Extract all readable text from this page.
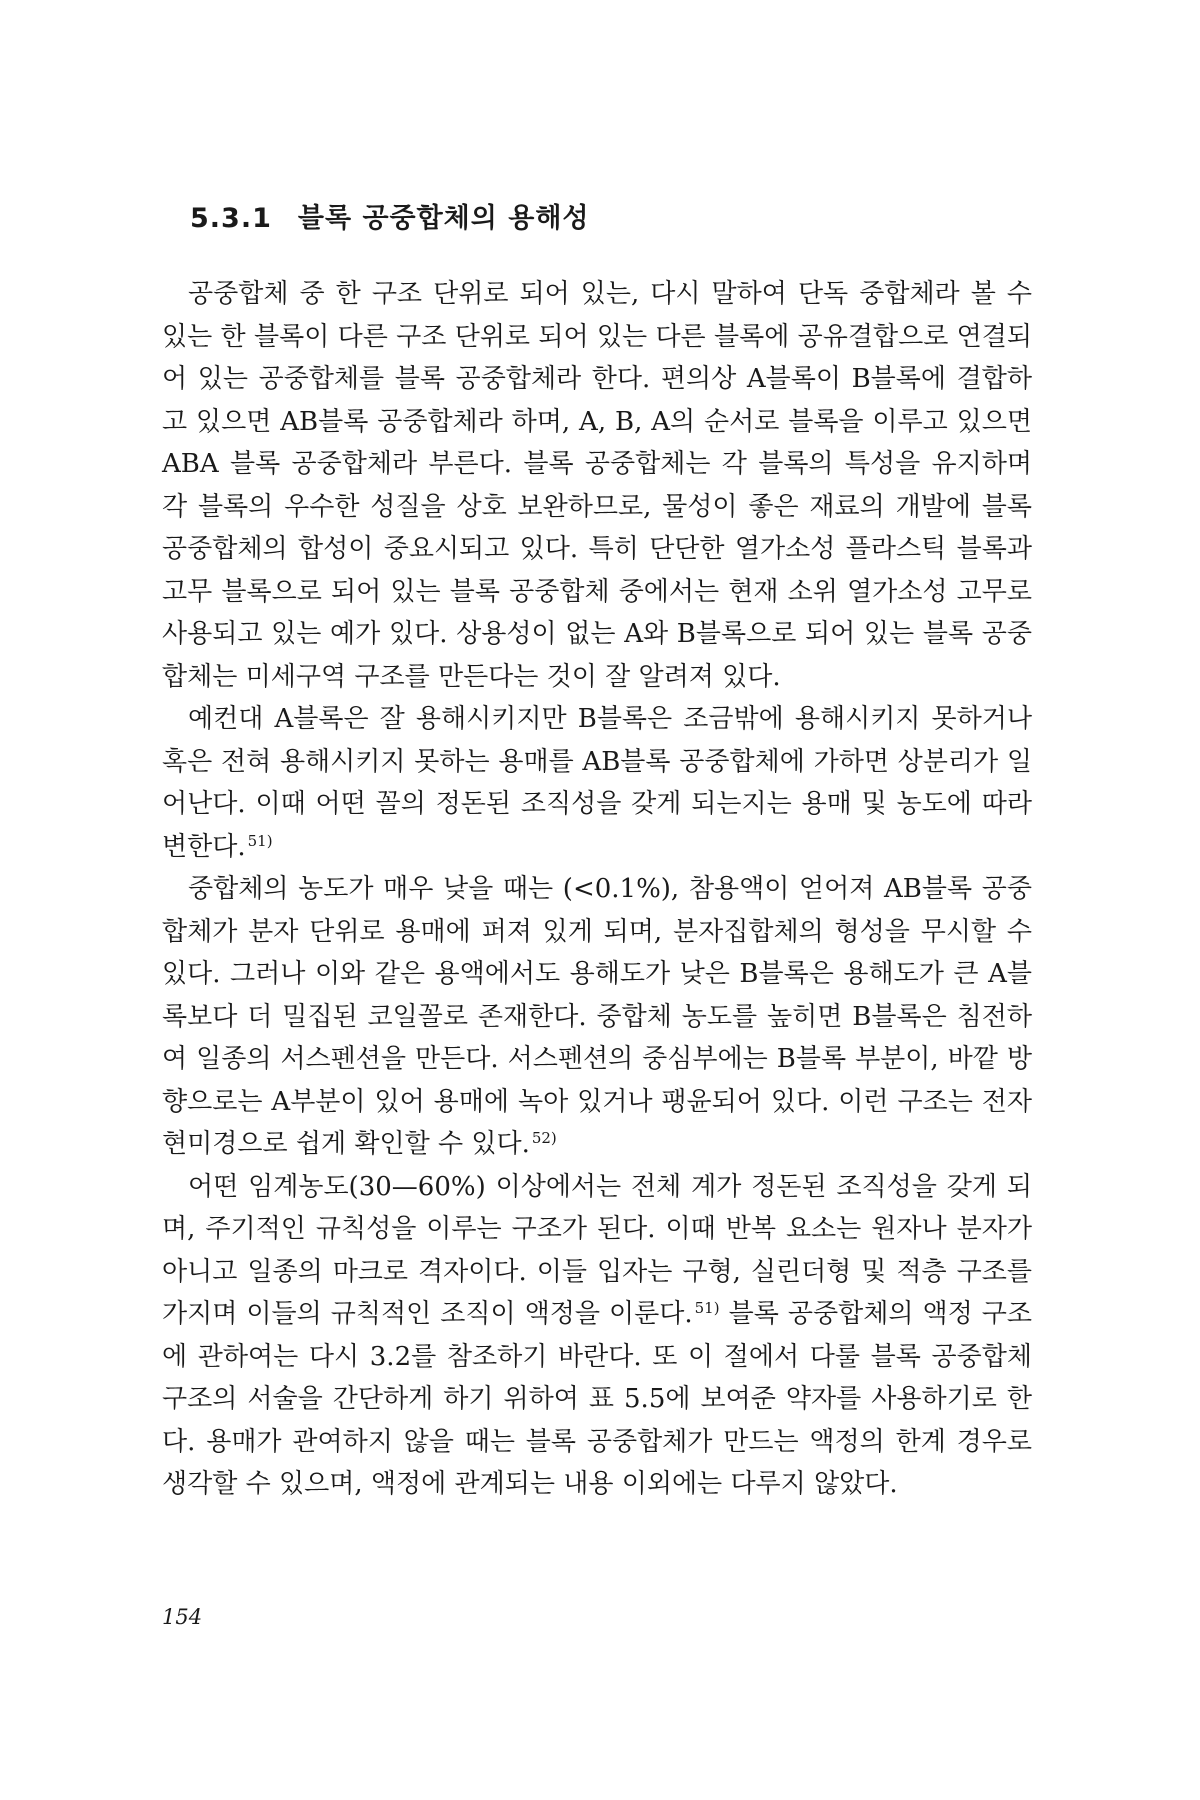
5.3.1 블록 공중합체의 용해성

공중합체 중 한 구조 단위로 되어 있는, 다시 말하여 단독 중합체라 볼 수 있는 한 블록이 다른 구조 단위로 되어 있는 다른 블록에 공유결합으로 연결되어 있는 공중합체를 블록 공중합체라 한다. 편의상 A블록이 B블록에 결합하고 있으면 AB블록 공중합체라 하며, A, B, A의 순서로 블록을 이루고 있으면 ABA 블록 공중합체라 부른다. 블록 공중합체는 각 블록의 특성을 유지하며 각 블록의 우수한 성질을 상호 보완하므로, 물성이 좋은 재료의 개발에 블록 공중합체의 합성이 중요시되고 있다. 특히 단단한 열가소성 플라스틱 블록과 고무 블록으로 되어 있는 블록 공중합체 중에서는 현재 소위 열가소성 고무로 사용되고 있는 예가 있다. 상용성이 없는 A와 B블록으로 되어 있는 블록 공중합체는 미세구역 구조를 만든다는 것이 잘 알려져 있다.

예컨대 A블록은 잘 용해시키지만 B블록은 조금밖에 용해시키지 못하거나 혹은 전혀 용해시키지 못하는 용매를 AB블록 공중합체에 가하면 상분리가 일어난다. 이때 어떤 꼴의 정돈된 조직성을 갖게 되는지는 용매 및 농도에 따라 변한다. $^{51)}$

중합체의 농도가 매우 낮을 때는 (<0.1%), 참용액이 얻어져 AB블록 공중합체가 분자 단위로 용매에 퍼져 있게 되며, 분자집합체의 형성을 무시할 수 있다. 그러나 이와 같은 용액에서도 용해도가 낮은 B블록은 용해도가 큰 A블록보다 더 밀집된 코일꼴로 존재한다. 중합체 농도를 높히면 B블록은 침전하여 일종의 서스펜션을 만든다. 서스펜션의 중심부에는 B블록 부분이, 바깥 방향으로는 A부분이 있어 용매에 녹아 있거나 팽윤되어 있다. 이런 구조는 전자현미경으로 쉽게 확인할 수 있다. $^{52)}$

어떤 임계농도(30—60%) 이상에서는 전체 계가 정돈된 조직성을 갖게 되며, 주기적인 규칙성을 이루는 구조가 된다. 이때 반복 요소는 원자나 분자가 아니고 일종의 마크로 격자이다. 이들 입자는 구형, 실린더형 및 적층 구조를 가지며 이들의 규칙적인 조직이 액정을 이룬다. $^{51)}$ 블록 공중합체의 액정 구조에 관하여는 다시 3.2를 참조하기 바란다. 또 이 절에서 다룰 블록 공중합체 구조의 서술을 간단하게 하기 위하여 표 5.5에 보여준 약자를 사용하기로 한다. 용매가 관여하지 않을 때는 블록 공중합체가 만드는 액정의 한계 경우로 생각할 수 있으며, 액정에 관계되는 내용 이외에는 다루지 않았다.

154
